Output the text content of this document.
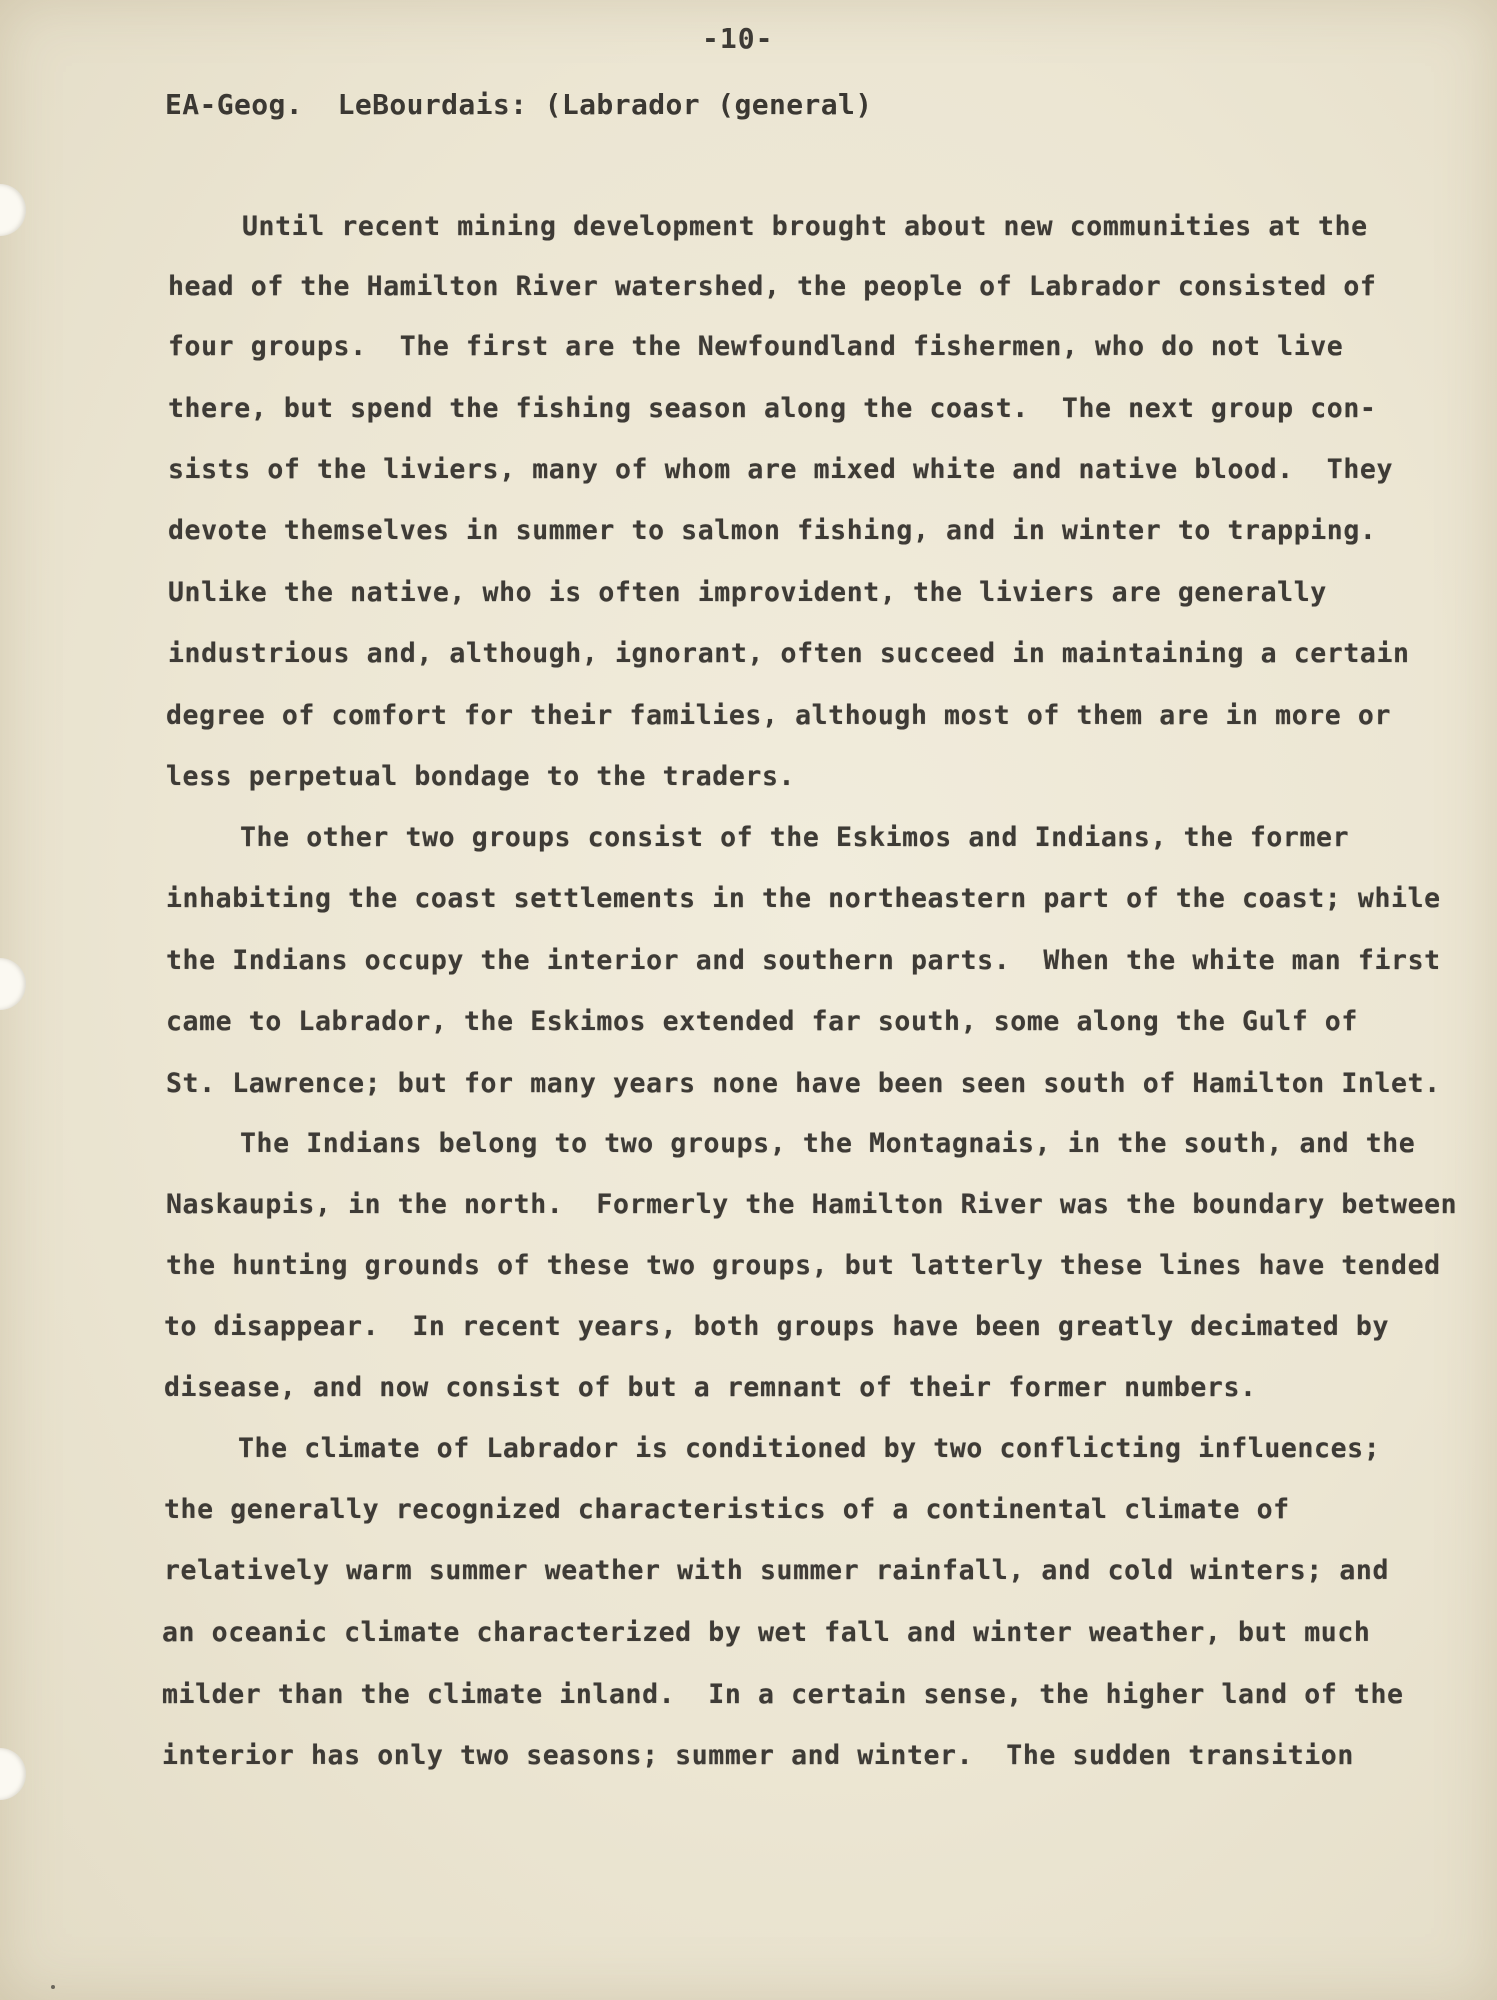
-10-
EA-Geog.  LeBourdais: (Labrador (general)
Until recent mining development brought about new communities at the
head of the Hamilton River watershed, the people of Labrador consisted of
four groups.  The first are the Newfoundland fishermen, who do not live
there, but spend the fishing season along the coast.  The next group con-
sists of the liviers, many of whom are mixed white and native blood.  They
devote themselves in summer to salmon fishing, and in winter to trapping.
Unlike the native, who is often improvident, the liviers are generally
industrious and, although, ignorant, often succeed in maintaining a certain
degree of comfort for their families, although most of them are in more or
less perpetual bondage to the traders.
The other two groups consist of the Eskimos and Indians, the former
inhabiting the coast settlements in the northeastern part of the coast; while
the Indians occupy the interior and southern parts.  When the white man first
came to Labrador, the Eskimos extended far south, some along the Gulf of
St. Lawrence; but for many years none have been seen south of Hamilton Inlet.
The Indians belong to two groups, the Montagnais, in the south, and the
Naskaupis, in the north.  Formerly the Hamilton River was the boundary between
the hunting grounds of these two groups, but latterly these lines have tended
to disappear.  In recent years, both groups have been greatly decimated by
disease, and now consist of but a remnant of their former numbers.
The climate of Labrador is conditioned by two conflicting influences;
the generally recognized characteristics of a continental climate of
relatively warm summer weather with summer rainfall, and cold winters; and
an oceanic climate characterized by wet fall and winter weather, but much
milder than the climate inland.  In a certain sense, the higher land of the
interior has only two seasons; summer and winter.  The sudden transition
